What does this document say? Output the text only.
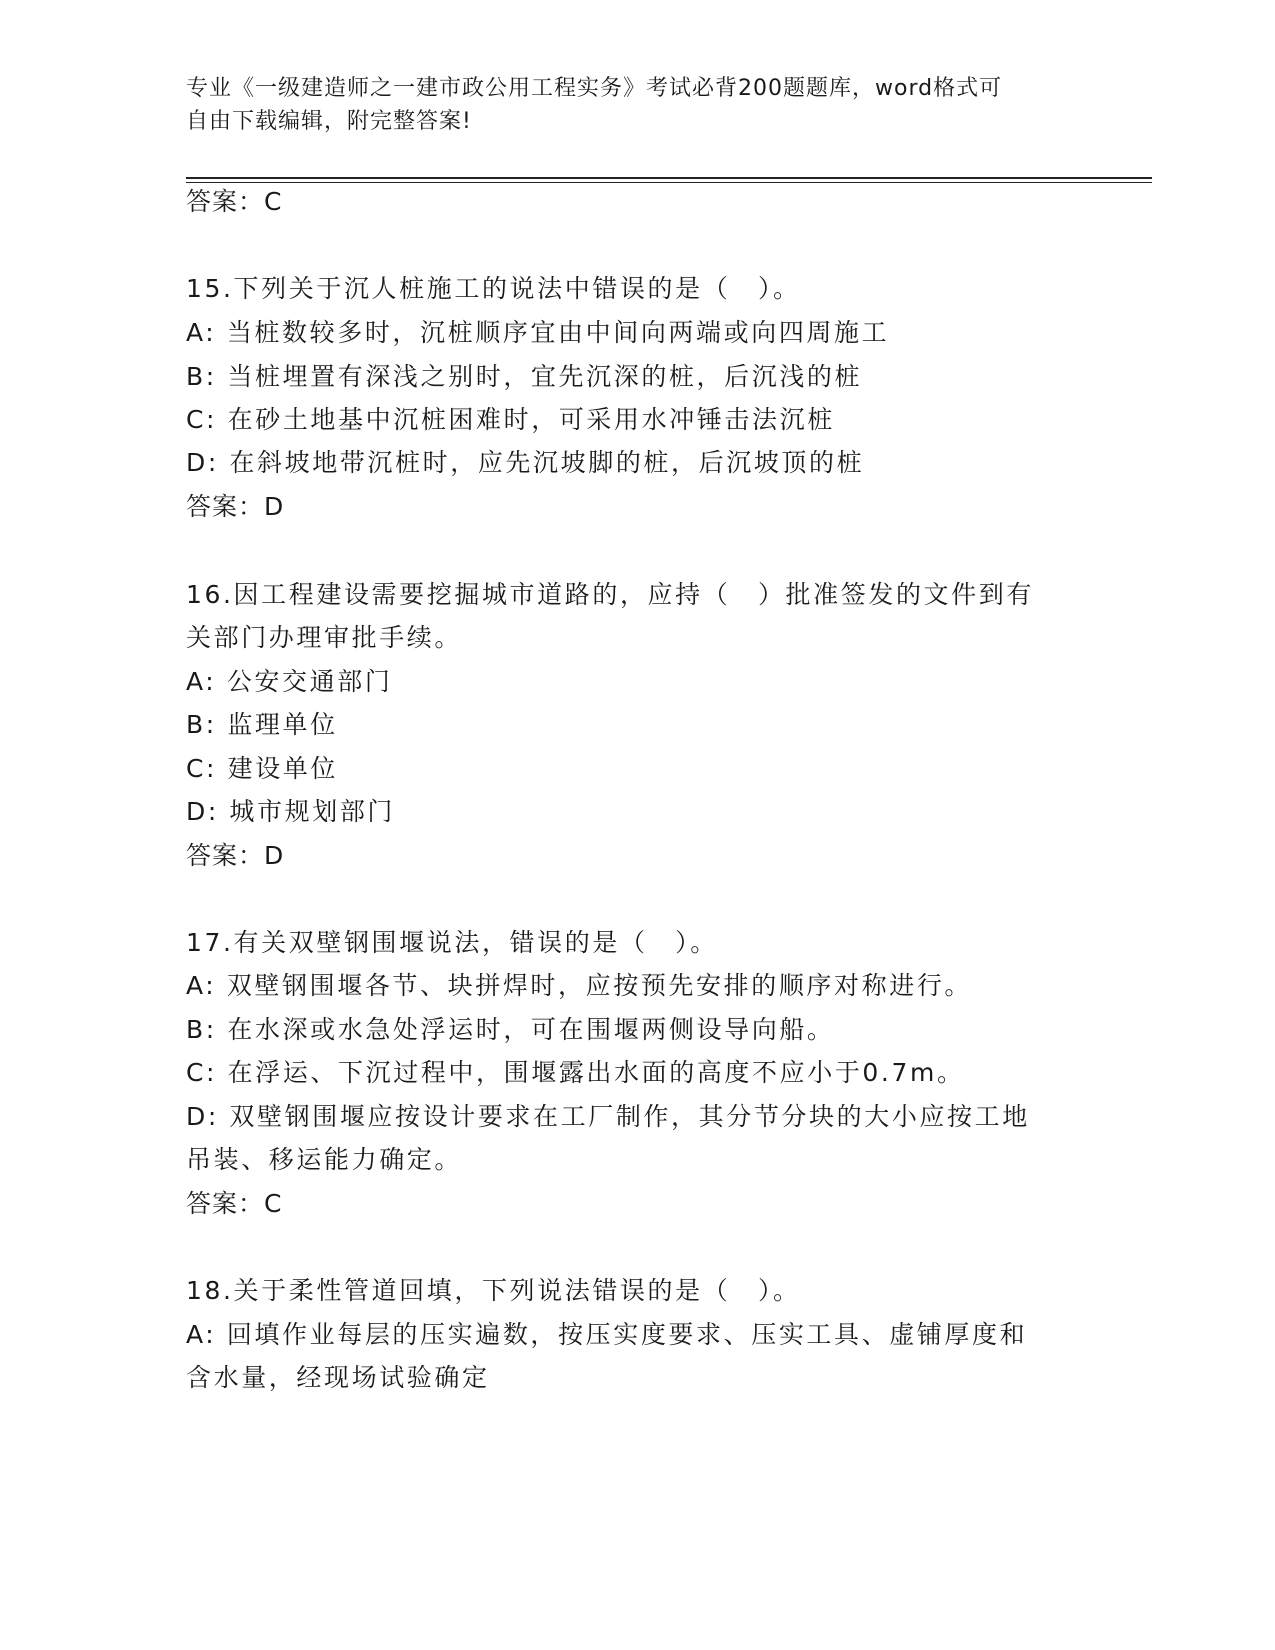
专业《一级建造师之一建市政公用工程实务》考试必背200题题库，word格式可
自由下载编辑，附完整答案!
答案：C
15.下列关于沉人桩施工的说法中错误的是（　）。
A: 当桩数较多时，沉桩顺序宜由中间向两端或向四周施工
B: 当桩埋置有深浅之别时，宜先沉深的桩，后沉浅的桩
C: 在砂土地基中沉桩困难时，可采用水冲锤击法沉桩
D: 在斜坡地带沉桩时，应先沉坡脚的桩，后沉坡顶的桩
答案：D
16.因工程建设需要挖掘城市道路的，应持（　）批准签发的文件到有
关部门办理审批手续。
A: 公安交通部门
B: 监理单位
C: 建设单位
D: 城市规划部门
答案：D
17.有关双壁钢围堰说法，错误的是（　）。
A: 双壁钢围堰各节、块拼焊时，应按预先安排的顺序对称进行。
B: 在水深或水急处浮运时，可在围堰两侧设导向船。
C: 在浮运、下沉过程中，围堰露出水面的高度不应小于0.7m。
D: 双壁钢围堰应按设计要求在工厂制作，其分节分块的大小应按工地
吊装、移运能力确定。
答案：C
18.关于柔性管道回填，下列说法错误的是（　）。
A: 回填作业每层的压实遍数，按压实度要求、压实工具、虚铺厚度和
含水量，经现场试验确定
